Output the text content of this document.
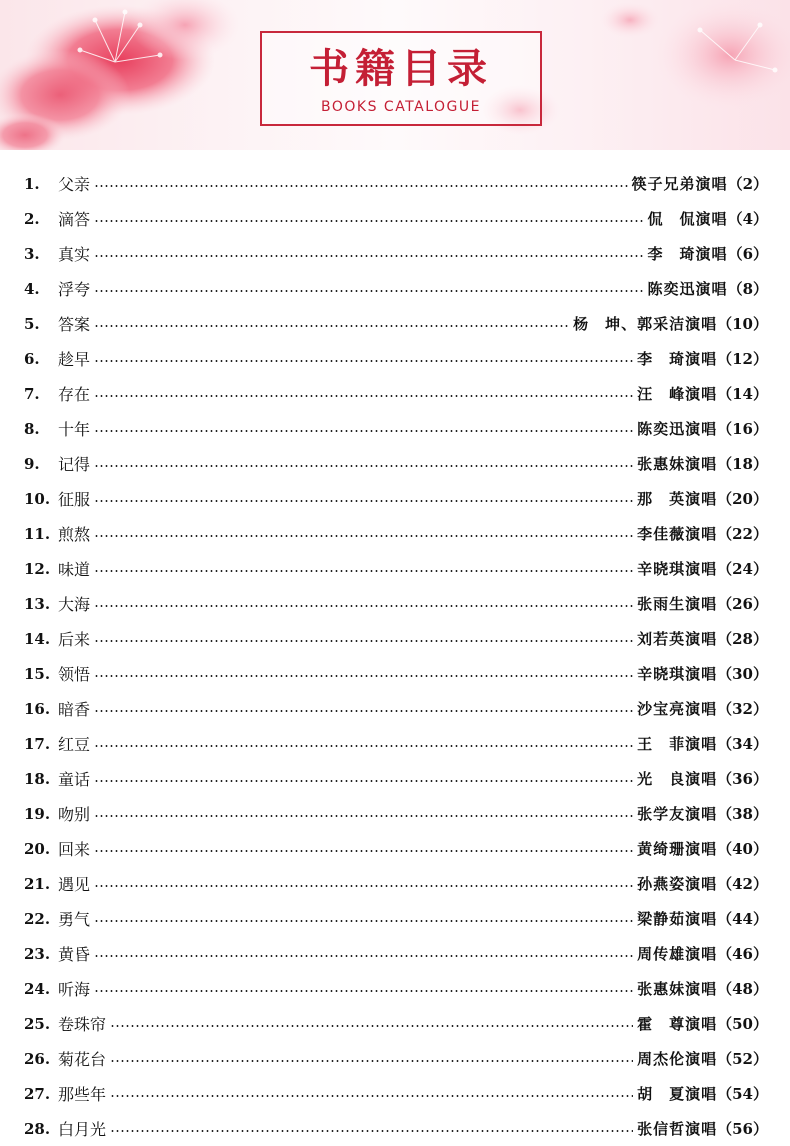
书籍目录
BOOKS CATALOGUE
1.	父亲	筷子兄弟演唱 （2）
2.	滴答	侃　侃演唱 （4）
3.	真实	李　琦演唱 （6）
4.	浮夸	陈奕迅演唱 （8）
5.	答案	杨　坤、郭采洁演唱 （10）
6.	趁早	李　琦演唱 （12）
7.	存在	汪　峰演唱 （14）
8.	十年	陈奕迅演唱 （16）
9.	记得	张惠妹演唱 （18）
10. 征服	那　英演唱 （20）
11. 煎熬	李佳薇演唱 （22）
12. 味道	辛晓琪演唱 （24）
13. 大海	张雨生演唱 （26）
14. 后来	刘若英演唱 （28）
15. 领悟	辛晓琪演唱 （30）
16. 暗香	沙宝亮演唱 （32）
17. 红豆	王　菲演唱 （34）
18. 童话	光　良演唱 （36）
19. 吻别	张学友演唱 （38）
20. 回来	黄绮珊演唱 （40）
21. 遇见	孙燕姿演唱 （42）
22. 勇气	梁静茹演唱 （44）
23. 黄昏	周传雄演唱 （46）
24. 听海	张惠妹演唱 （48）
25. 卷珠帘	霍　尊演唱 （50）
26. 菊花台	周杰伦演唱 （52）
27. 那些年	胡　夏演唱 （54）
28. 白月光	张信哲演唱 （56）
